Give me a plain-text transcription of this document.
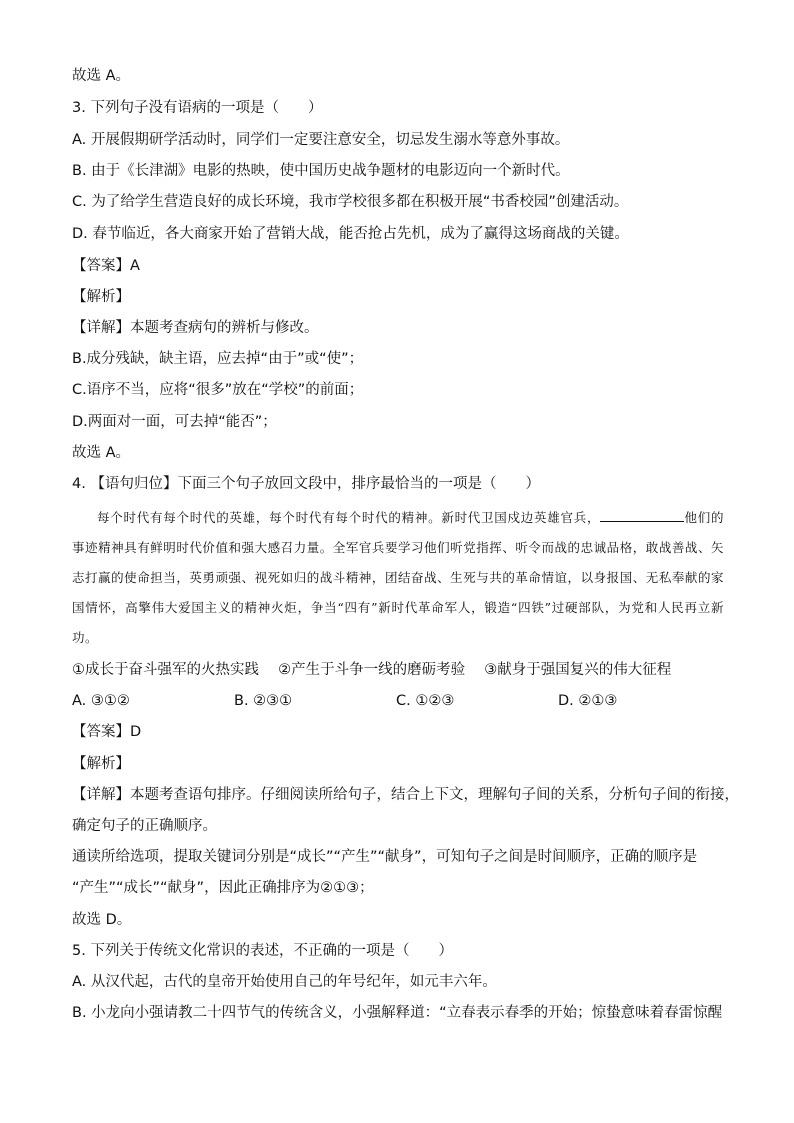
故选 A。
3. 下列句子没有语病的一项是（　　）
A. 开展假期研学活动时，同学们一定要注意安全，切忌发生溺水等意外事故。
B. 由于《长津湖》电影的热映，使中国历史战争题材的电影迈向一个新时代。
C. 为了给学生营造良好的成长环境，我市学校很多都在积极开展“书香校园”创建活动。
D. 春节临近，各大商家开始了营销大战，能否抢占先机，成为了赢得这场商战的关键。
【答案】A
【解析】
【详解】本题考查病句的辨析与修改。
B.成分残缺，缺主语，应去掉“由于”或“使”；
C.语序不当，应将“很多”放在“学校”的前面；
D.两面对一面，可去掉“能否”；
故选 A。
4. 【语句归位】下面三个句子放回文段中，排序最恰当的一项是（　　）
每个时代有每个时代的英雄，每个时代有每个时代的精神。新时代卫国戍边英雄官兵，	他们的事迹精神具有鲜明时代价值和强大感召力量。全军官兵要学习他们听党指挥、听令而战的忠诚品格，敢战善战、矢志打赢的使命担当，英勇顽强、视死如归的战斗精神，团结奋战、生死与共的革命情谊，以身报国、无私奉献的家国情怀，高擎伟大爱国主义的精神火炬，争当“四有”新时代革命军人，锻造“四铁”过硬部队，为党和人民再立新功。
①成长于奋斗强军的火热实践　 ②产生于斗争一线的磨砺考验　 ③献身于强国复兴的伟大征程
A. ③①②	B. ②③①	C. ①②③	D. ②①③
【答案】D
【解析】
【详解】本题考查语句排序。仔细阅读所给句子，结合上下文，理解句子间的关系，分析句子间的衔接，
确定句子的正确顺序。
通读所给选项，提取关键词分别是“成长”“产生”“献身”，可知句子之间是时间顺序，正确的顺序是
“产生”“成长”“献身”，因此正确排序为②①③；
故选 D。
5. 下列关于传统文化常识的表述，不正确的一项是（　　）
A. 从汉代起，古代的皇帝开始使用自己的年号纪年，如元丰六年。
B. 小龙向小强请教二十四节气的传统含义，小强解释道：“立春表示春季的开始；惊蛰意味着春雷惊醒
